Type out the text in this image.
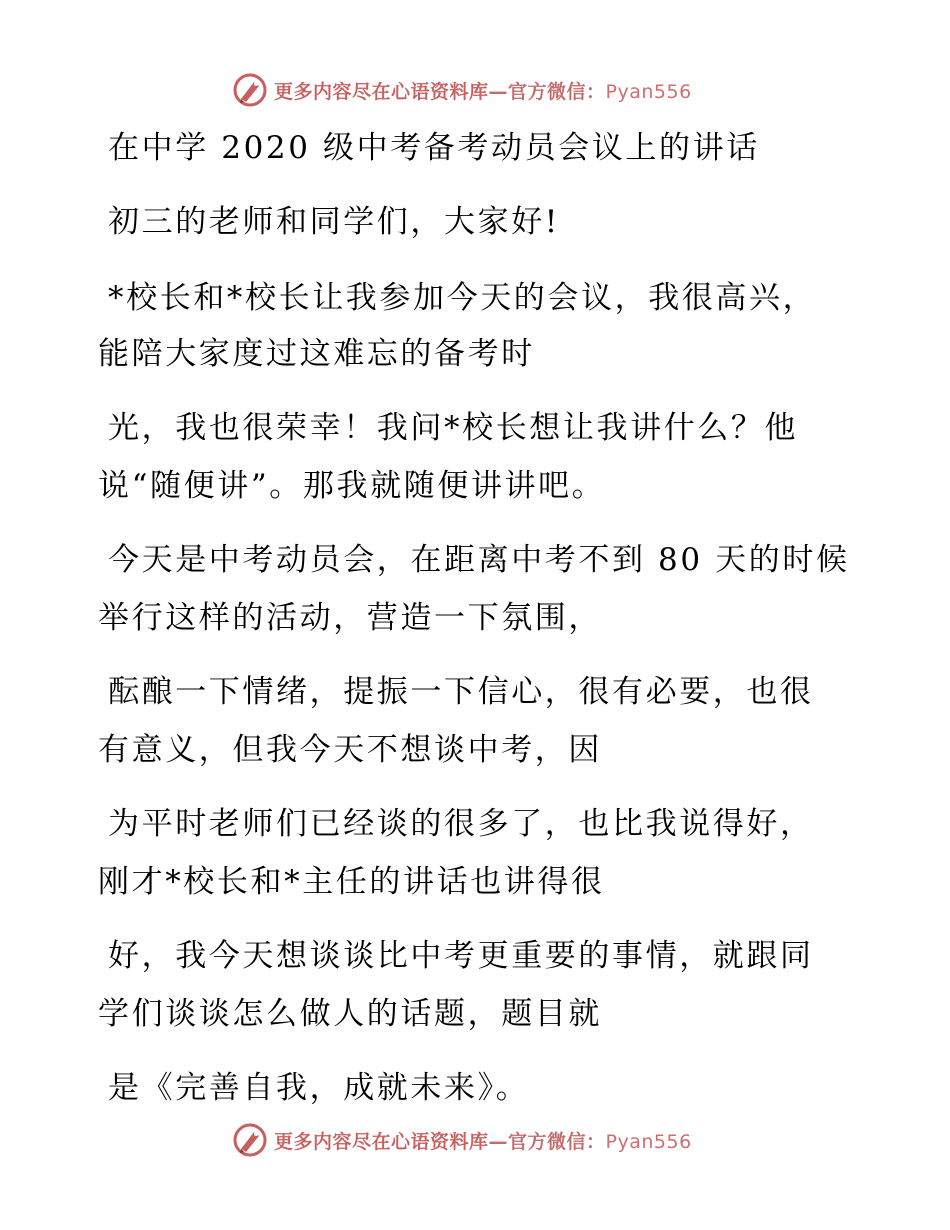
更多内容尽在心语资料库—官方微信：Pyan556
在中学 2020 级中考备考动员会议上的讲话
初三的老师和同学们，大家好!
*校长和*校长让我参加今天的会议，我很高兴，
能陪大家度过这难忘的备考时
光，我也很荣幸！我问*校长想让我讲什么？他
说“随便讲”。那我就随便讲讲吧。
今天是中考动员会，在距离中考不到 80 天的时候
举行这样的活动，营造一下氛围，
酝酿一下情绪，提振一下信心，很有必要，也很
有意义，但我今天不想谈中考，因
为平时老师们已经谈的很多了，也比我说得好，
刚才*校长和*主任的讲话也讲得很
好，我今天想谈谈比中考更重要的事情，就跟同
学们谈谈怎么做人的话题，题目就
是《完善自我，成就未来》。
更多内容尽在心语资料库—官方微信：Pyan556
